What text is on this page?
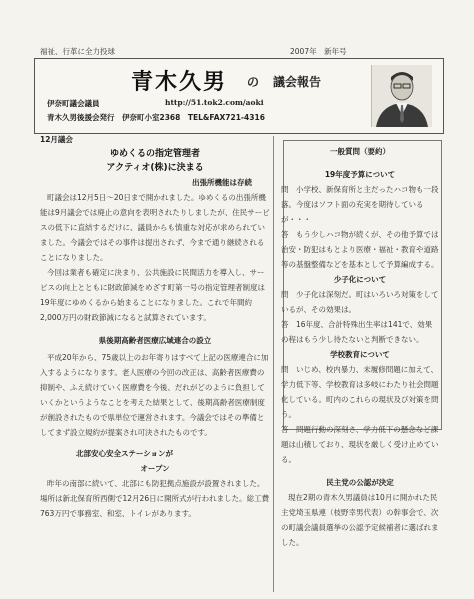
福祉、行革に全力投球	2007年　新年号
青木久男 の 議会報告
伊奈町議会議員	http://51.tok2.com/aoki
青木久男後援会発行　伊奈町小室2368　TEL&FAX721-4316

12月議会

ゆめくるの指定管理者

アクティオ(株)に決まる

出張所機能は存続

町議会は12月5日～20日まで開かれました。ゆめくるの出張所機能は9月議会では廃止の意向を表明されたりしましたが、住民サービスの低下に直結するだけに、議員からも慎重な対応が求められていました。今議会ではその事件は提出されず、今まで通り継続されることになりました。

今回は業者も確定に決まり、公共施設に民間活力を導入し、サービスの向上とともに財政節減をめざす町第一号の指定管理者制度は19年度にゆめくるから始まることになりました。これで年間約2,000万円の財政節減になると試算されています。

県後期高齢者医療広域連合の設立

平成20年から、75歳以上のお年寄りはすべて上記の医療連合に加入するようになります。老人医療の今回の改正は、高齢者医療費の抑制や、ふえ続けていく医療費を今後、だれがどのように負担していくかというようなことを考えた結果として、後期高齢者医療制度が創設されたもので県単位で運営されます。今議会ではその準備としてまず設立規約が提案され可決されたものです。

北部安心安全ステーションが

オープン

昨年の南部に続いて、北部にも防犯拠点施設が設置されました。場所は新北保育所西側で12月26日に開所式が行われました。総工費763万円で事務室、和室、トイレがあります。

一般質問（要約）

19年度予算について

問　小学校、新保育所と主だったハコ物も一段落。今度はソフト面の充実を期待しているが・・・

答　もう少しハコ物が続くが、その他予算では治安・防犯はもとより医療・福祉・教育や道路等の基盤整備などを基本として予算編成する。

少子化について

問　少子化は深刻だ。町はいろいろ対策をしているが、その効果は。

答　16年度、合計特殊出生率は141で、効果の程はもう少し待たないと判断できない。

学校教育について

問　いじめ、校内暴力、未履修問題に加えて、学力低下等、学校教育は多岐にわたり社会問題化している。町内のこれらの現状及び対策を問う。

答　問題行動の深刻さ、学力低下の懸念など課題は山積しており、現状を厳しく受け止めている。

民主党の公認が決定

現在2期の青木久男議員は10月に開かれた民主党埼玉県連（枝野幸男代表）の幹事会で、次の町議会議員選挙の公認予定候補者に選ばれました。
